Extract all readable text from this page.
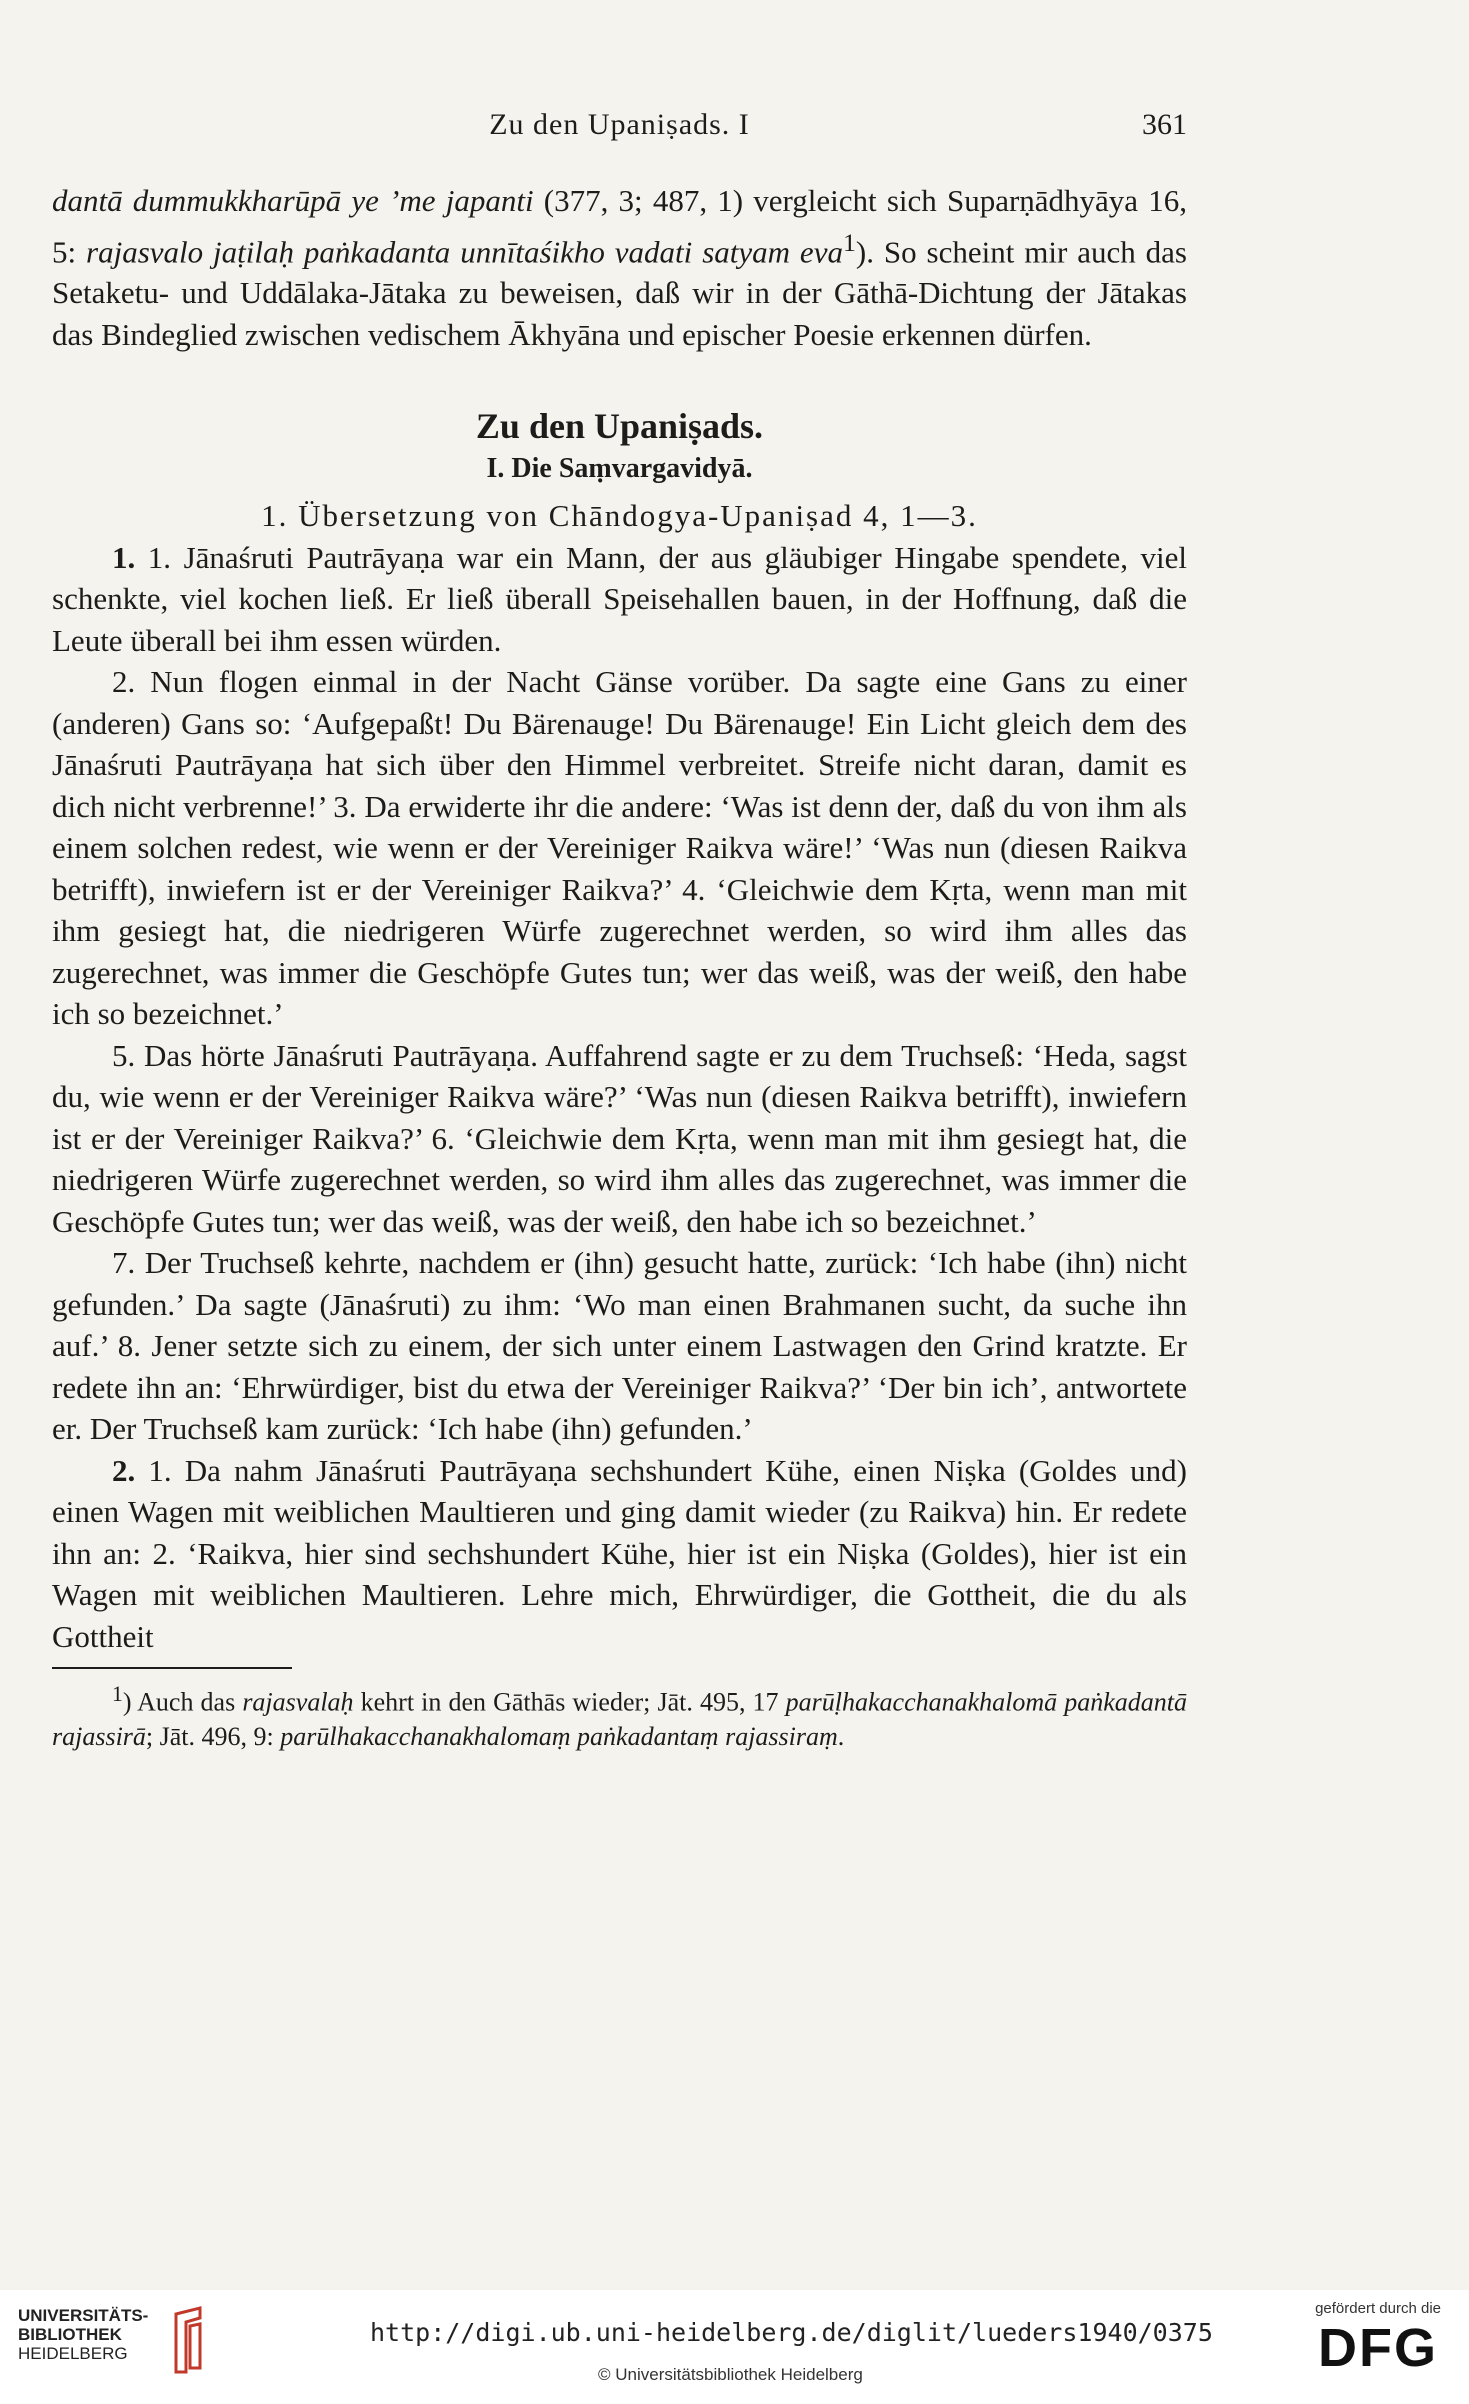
Zu den Upaniṣads. I	361

dantā dummukkharūpā ye ’me japanti (377, 3; 487, 1) vergleicht sich Suparṇādhyāya 16, 5: rajasvalo jaṭilaḥ paṅkadanta unnītaśikho vadati satyam eva$^1$). So scheint mir auch das Setaketu- und Uddālaka-Jātaka zu beweisen, daß wir in der Gāthā-Dichtung der Jātakas das Bindeglied zwischen vedischem Ākhyāna und epischer Poesie erkennen dürfen.

Zu den Upaniṣads.
I. Die Saṃvargavidyā.

1. Übersetzung von Chāndogya-Upaniṣad 4, 1—3.

1. 1. Jānaśruti Pautrāyaṇa war ein Mann, der aus gläubiger Hingabe spendete, viel schenkte, viel kochen ließ. Er ließ überall Speisehallen bauen, in der Hoffnung, daß die Leute überall bei ihm essen würden.

2. Nun flogen einmal in der Nacht Gänse vorüber. Da sagte eine Gans zu einer (anderen) Gans so: ‘Aufgepaßt! Du Bärenauge! Du Bärenauge! Ein Licht gleich dem des Jānaśruti Pautrāyaṇa hat sich über den Himmel verbreitet. Streife nicht daran, damit es dich nicht verbrenne!’ 3. Da erwiderte ihr die andere: ‘Was ist denn der, daß du von ihm als einem solchen redest, wie wenn er der Vereiniger Raikva wäre!’ ‘Was nun (diesen Raikva betrifft), inwiefern ist er der Vereiniger Raikva?’ 4. ‘Gleichwie dem Kṛta, wenn man mit ihm gesiegt hat, die niedrigeren Würfe zugerechnet werden, so wird ihm alles das zugerechnet, was immer die Geschöpfe Gutes tun; wer das weiß, was der weiß, den habe ich so bezeichnet.’

5. Das hörte Jānaśruti Pautrāyaṇa. Auffahrend sagte er zu dem Truchseß: ‘Heda, sagst du, wie wenn er der Vereiniger Raikva wäre?’ ‘Was nun (diesen Raikva betrifft), inwiefern ist er der Vereiniger Raikva?’ 6. ‘Gleichwie dem Kṛta, wenn man mit ihm gesiegt hat, die niedrigeren Würfe zugerechnet werden, so wird ihm alles das zugerechnet, was immer die Geschöpfe Gutes tun; wer das weiß, was der weiß, den habe ich so bezeichnet.’

7. Der Truchseß kehrte, nachdem er (ihn) gesucht hatte, zurück: ‘Ich habe (ihn) nicht gefunden.’ Da sagte (Jānaśruti) zu ihm: ‘Wo man einen Brahmanen sucht, da suche ihn auf.’ 8. Jener setzte sich zu einem, der sich unter einem Lastwagen den Grind kratzte. Er redete ihn an: ‘Ehrwürdiger, bist du etwa der Vereiniger Raikva?’ ‘Der bin ich’, antwortete er. Der Truchseß kam zurück: ‘Ich habe (ihn) gefunden.’

2. 1. Da nahm Jānaśruti Pautrāyaṇa sechshundert Kühe, einen Niṣka (Goldes und) einen Wagen mit weiblichen Maultieren und ging damit wieder (zu Raikva) hin. Er redete ihn an: 2. ‘Raikva, hier sind sechshundert Kühe, hier ist ein Niṣka (Goldes), hier ist ein Wagen mit weiblichen Maultieren. Lehre mich, Ehrwürdiger, die Gottheit, die du als Gottheit

$^1$) Auch das rajasvalaḥ kehrt in den Gāthās wieder; Jāt. 495, 17 parūḷhakacchanakhalomā paṅkadantā rajassirā; Jāt. 496, 9: parūlhakacchanakhalomaṃ paṅkadantaṃ rajassiraṃ.

UNIVERSITÄTS-
BIBLIOTHEK
HEIDELBERG
http://digi.ub.uni-heidelberg.de/diglit/lueders1940/0375
© Universitätsbibliothek Heidelberg
gefördert durch die
DFG
